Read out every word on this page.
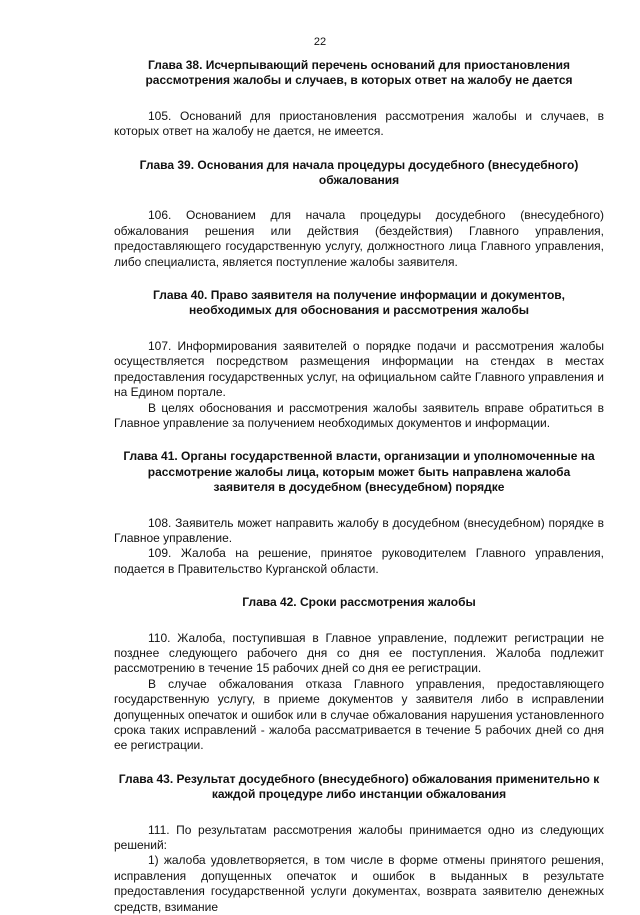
22
Глава 38. Исчерпывающий перечень оснований для приостановления рассмотрения жалобы и случаев, в которых ответ на жалобу не дается

105. Оснований для приостановления рассмотрения жалобы и случаев, в которых ответ на жалобу не дается, не имеется.

Глава 39. Основания для начала процедуры досудебного (внесудебного) обжалования

106. Основанием для начала процедуры досудебного (внесудебного) обжалования решения или действия (бездействия) Главного управления, предоставляющего государственную услугу, должностного лица Главного управления, либо специалиста, является поступление жалобы заявителя.

Глава 40. Право заявителя на получение информации и документов, необходимых для обоснования и рассмотрения жалобы

107. Информирования заявителей о порядке подачи и рассмотрения жалобы осуществляется посредством размещения информации на стендах в местах предоставления государственных услуг, на официальном сайте Главного управления и на Едином портале.

В целях обоснования и рассмотрения жалобы заявитель вправе обратиться в Главное управление за получением необходимых документов и информации.

Глава 41. Органы государственной власти, организации и уполномоченные на рассмотрение жалобы лица, которым может быть направлена жалоба заявителя в досудебном (внесудебном) порядке

108. Заявитель может направить жалобу в досудебном (внесудебном) порядке в Главное управление.

109. Жалоба на решение, принятое руководителем Главного управления, подается в Правительство Курганской области.

Глава 42. Сроки рассмотрения жалобы

110. Жалоба, поступившая в Главное управление, подлежит регистрации не позднее следующего рабочего дня со дня ее поступления. Жалоба подлежит рассмотрению в течение 15 рабочих дней со дня ее регистрации.

В случае обжалования отказа Главного управления, предоставляющего государственную услугу, в приеме документов у заявителя либо в исправлении допущенных опечаток и ошибок или в случае обжалования нарушения установленного срока таких исправлений - жалоба рассматривается в течение 5 рабочих дней со дня ее регистрации.

Глава 43. Результат досудебного (внесудебного) обжалования применительно к каждой процедуре либо инстанции обжалования

111. По результатам рассмотрения жалобы принимается одно из следующих решений:

1) жалоба удовлетворяется, в том числе в форме отмены принятого решения, исправления допущенных опечаток и ошибок в выданных в результате предоставления государственной услуги документах, возврата заявителю денежных средств, взимание
